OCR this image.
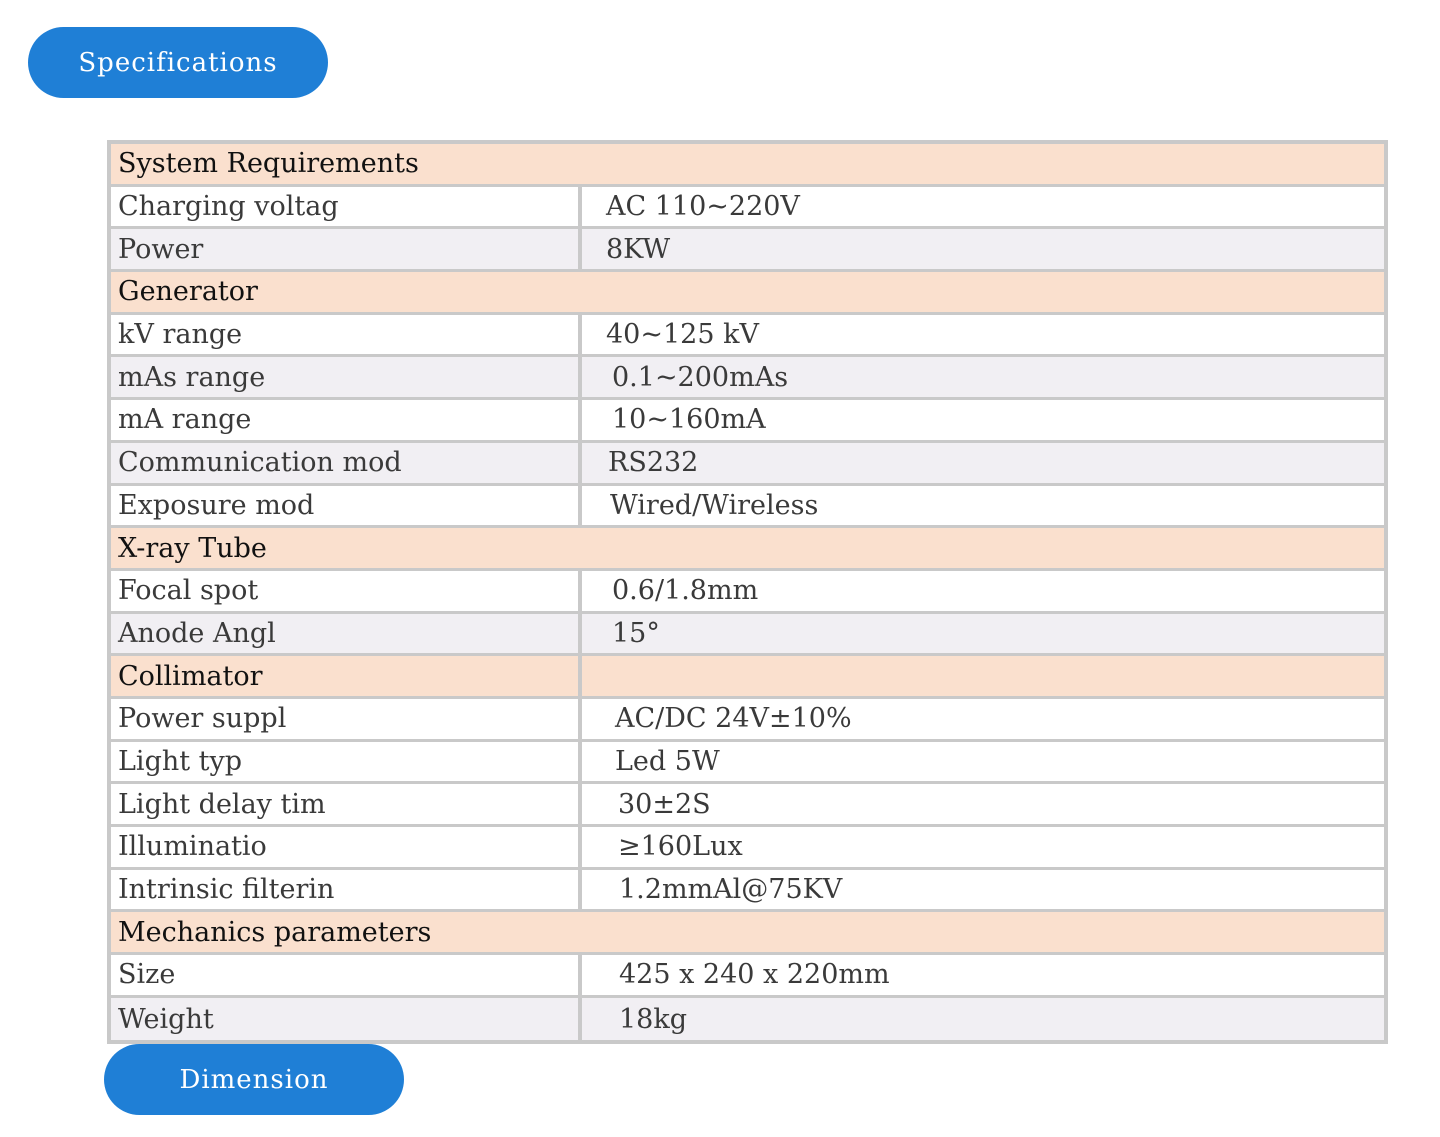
Specifications
System Requirements
Charging voltag	AC 110~220V
Power	8KW
Generator
kV range	40~125 kV
mAs range	0.1~200mAs
mA range	10~160mA
Communication mod	RS232
Exposure mod	Wired/Wireless
X-ray Tube
Focal spot	0.6/1.8mm
Anode Angl	15°
Collimator
Power suppl	AC/DC 24V±10%
Light typ	Led 5W
Light delay tim	30±2S
Illuminatio	≥160Lux
Intrinsic filterin	1.2mmAl@75KV
Mechanics parameters
Size	425 x 240 x 220mm
Weight	18kg
Dimension
